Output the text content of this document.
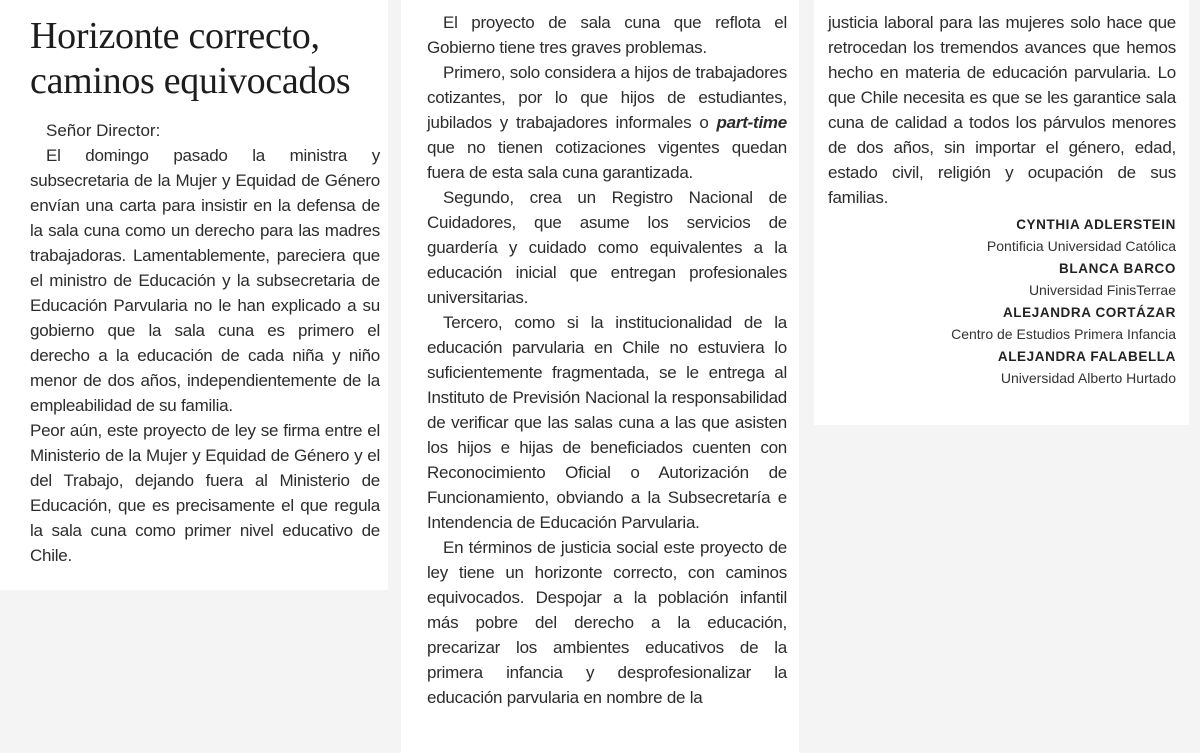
Horizonte correcto,
caminos equivocados

Señor Director:

El domingo pasado la ministra y subsecretaria de la Mujer y Equidad de Género envían una carta para insistir en la defensa de la sala cuna como un derecho para las madres trabajadoras. Lamentablemente, pareciera que el ministro de Educación y la subsecretaria de Educación Parvularia no le han explicado a su gobierno que la sala cuna es primero el derecho a la educación de cada niña y niño menor de dos años, independientemente de la empleabilidad de su familia.

Peor aún, este proyecto de ley se firma entre el Ministerio de la Mujer y Equidad de Género y el del Trabajo, dejando fuera al Ministerio de Educación, que es precisamente el que regula la sala cuna como primer nivel educativo de Chile.

El proyecto de sala cuna que reflota el Gobierno tiene tres graves problemas.

Primero, solo considera a hijos de trabajadores cotizantes, por lo que hijos de estudiantes, jubilados y trabajadores informales o part-time que no tienen cotizaciones vigentes quedan fuera de esta sala cuna garantizada.

Segundo, crea un Registro Nacional de Cuidadores, que asume los servicios de guardería y cuidado como equivalentes a la educación inicial que entregan profesionales universitarias.

Tercero, como si la institucionalidad de la educación parvularia en Chile no estuviera lo suficientemente fragmentada, se le entrega al Instituto de Previsión Nacional la responsabilidad de verificar que las salas cuna a las que asisten los hijos e hijas de beneficiados cuenten con Reconocimiento Oficial o Autorización de Funcionamiento, obviando a la Subsecretaría e Intendencia de Educación Parvularia.

En términos de justicia social este proyecto de ley tiene un horizonte correcto, con caminos equivocados. Despojar a la población infantil más pobre del derecho a la educación, precarizar los ambientes educativos de la primera infancia y desprofesionalizar la educación parvularia en nombre de la

justicia laboral para las mujeres solo hace que retrocedan los tremendos avances que hemos hecho en materia de educación parvularia. Lo que Chile necesita es que se les garantice sala cuna de calidad a todos los párvulos menores de dos años, sin importar el género, edad, estado civil, religión y ocupación de sus familias.

CYNTHIA ADLERSTEIN
Pontificia Universidad Católica
BLANCA BARCO
Universidad FinisTerrae
ALEJANDRA CORTÁZAR
Centro de Estudios Primera Infancia
ALEJANDRA FALABELLA
Universidad Alberto Hurtado
